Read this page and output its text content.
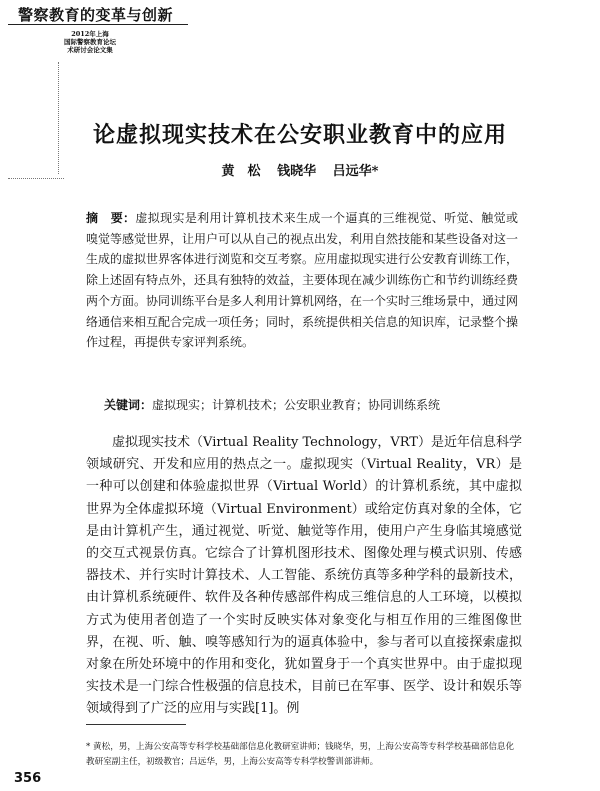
警察教育的变革与创新
2012年上海
国际警察教育论坛
术研讨会论文集
论虚拟现实技术在公安职业教育中的应用
黄　松 钱晓华 吕远华*
摘　要：虚拟现实是利用计算机技术来生成一个逼真的三维视觉、听觉、触觉或嗅觉等感觉世界，让用户可以从自己的视点出发，利用自然技能和某些设备对这一生成的虚拟世界客体进行浏览和交互考察。应用虚拟现实进行公安教育训练工作，除上述固有特点外，还具有独特的效益，主要体现在减少训练伤亡和节约训练经费两个方面。协同训练平台是多人利用计算机网络，在一个实时三维场景中，通过网络通信来相互配合完成一项任务；同时，系统提供相关信息的知识库，记录整个操作过程，再提供专家评判系统。
关键词：虚拟现实；计算机技术；公安职业教育；协同训练系统
虚拟现实技术（Virtual Reality Technology，VRT）是近年信息科学领域研究、开发和应用的热点之一。虚拟现实（Virtual Reality，VR）是一种可以创建和体验虚拟世界（Virtual World）的计算机系统，其中虚拟世界为全体虚拟环境（Virtual Environment）或给定仿真对象的全体，它是由计算机产生，通过视觉、听觉、触觉等作用，使用户产生身临其境感觉的交互式视景仿真。它综合了计算机图形技术、图像处理与模式识别、传感器技术、并行实时计算技术、人工智能、系统仿真等多种学科的最新技术，由计算机系统硬件、软件及各种传感部件构成三维信息的人工环境，以模拟方式为使用者创造了一个实时反映实体对象变化与相互作用的三维图像世界，在视、听、触、嗅等感知行为的逼真体验中，参与者可以直接探索虚拟对象在所处环境中的作用和变化，犹如置身于一个真实世界中。由于虚拟现实技术是一门综合性极强的信息技术，目前已在军事、医学、设计和娱乐等领域得到了广泛的应用与实践[1]。例
* 黄松，男，上海公安高等专科学校基础部信息化教研室讲师；钱晓华，男，上海公安高等专科学校基础部信息化教研室副主任，初级教官；吕远华，男，上海公安高等专科学校警训部讲师。
356
